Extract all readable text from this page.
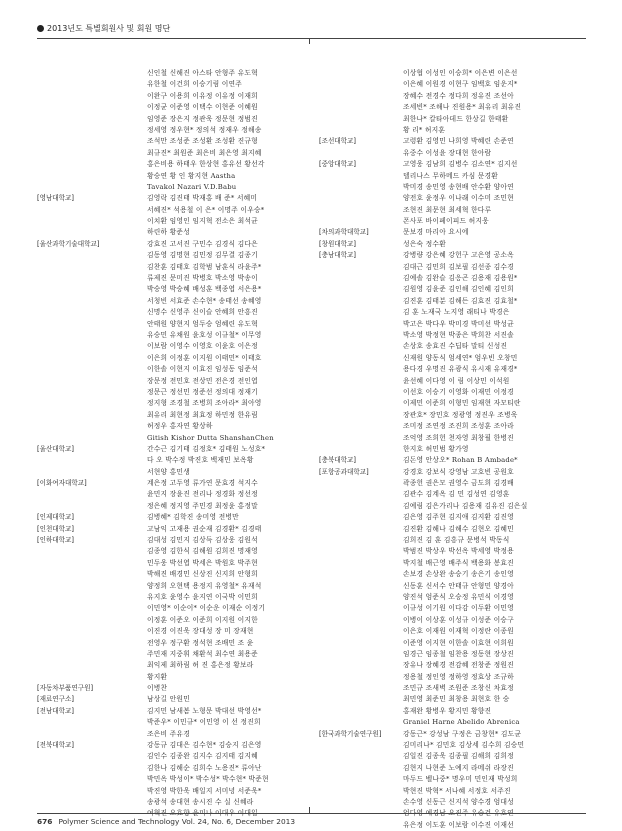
2013년도 특별회원사 및 회원 명단
신인철 신해진 아스타 안형주 유도혁
유한철 이건희 이승기림 이연주
이완구 이용희 이유정 이유정 이재희
이정균 이준영 이택수 이현준 이혜원
임영준 장은지 정관욱 정문현 정범진
정세영 정우현* 정의석 정재우 정해송
조석만 조성준 조성환 조성환 진규형
최규진* 최원준 최은비 최은영 최지혜
홍은비용 하태우 한상현 홍유선 황선각
황승연 황 인 황지현 Aastha
Tavakol Nazari V.D.Babu
[영남대학교]	김영락 김진태 박재홍 배 준* 서혜미
서혜진* 석용철 이 은* 이명주 이우승*
이치환 임영인 임지혁 전소은 최석균
하린하 황준성
[울산과학기술대학교]	강효진 고서진 구민수 김경식 김다은
김동영 김명현 김민정 김무결 김종기
김찬훈 김태호 김학범 남훈식 라윤주*
류제진 문미진 박병호 박소영 박송이
박승영 박승혜 배성훈 백종엽 서은용*
서청빈 서효준 손수현* 송태선 송혜영
신명수 신영주 신이슬 안혜희 안흥진
안태원 양현지 엄두승 엄혜린 유도혁
유승민 유채원 윤호성 이규철* 이무영
이보람 이영수 이영호 이윤호 이은정
이은희 이정훈 이지원 이태민* 이태호
이한솔 이현지 이효진 임성동 임준석
장문정 전민호 전상민 전은경 전인엽
정문근 정선민 정준선 정의대 정재기
정지형 조경철 조병희 조아라* 최아영
최유리 최현정 최효정 하민정 한유림
허정우 홍자연 황상하
Gitish Kishor Dutta ShanshanChen
[울산대학교]	간수근 김기태 김정호* 김태원 노성호*
다 오 박수정 박진호 백재민 보옥황
서현양 홍민생
[이화여자대학교]	계은정 고두영 류가연 문효경 석지수
윤민지 장윤진 전리나 정경화 정선정
정은혜 정지영 주민경 최정윤 홍정말
[인제대학교]	김병혜* 김학진 송미영 전병만
[인천대학교]	고남익 고재용 권순재 김경환* 김경태
[인하대학교]	김대성 김민지 김상득 김상웅 김원석
김종영 김한식 김해원 김희진 명재영
민두웅 박선엽 박세은 박원호 박주현
박해진 배경민 신상진 신지희 안형희
양정희 오현택 용정지 유영철* 유재석
유지호 윤영수 윤지연 이국박 이민희
이민영* 이순이* 이순운 이재순 이정기
이정훈 이준오 이준희 이지원 이지한
이진경 이진욱 장대성 장 미 장재현
전영우 정구환 정석현 조배민 조 윤
주민재 지중휘 채환석 최수연 최용준
최익제 최하림 허 진 홍은정 황보라
황지환
[자동차부품연구원]	이병찬
[재료연구소]	남상길 안원민
[전남대학교]	김지민 남새봄 노형문 박대선 박영선*
박준우* 이민규* 이민영 이 선 정진희
조은비 주유경
[전북대학교]	강동규 김대은 김수현* 김승지 김은영
김인수 김종완 김지수 김지태 김지혜
김한나 김해순 김희수 노용진* 류아난
박민옥 박성이* 박수성* 박수현* 박준현
박진영 박한욱 배일지 서미녕 서준욱*
송광석 송대현 송시진 수 실 신혜라
여혁진 오효향 윤미나 이대우 이대일
이상협 이성인 이승희* 이은변 이은선
이은혜 이원경 이현구 임백호 임운지*
장혜수 전경수 정다희 정유진 조선아
조세빈* 조해나 진원용* 최유리 최유진
최한나* 칼타아데드 한상길 한태환
황 리* 허지훈
[조선대학교]	고령환 김영민 나희영 박혜린 손준연
유중수 이성윤 장대현 한아람
[중앙대학교]	고영웅 김남희 김병수 김소연* 김지선
델리나스 무하메드 카심 문경환
박미경 송민영 송현배 안수환 양아연
양전호 윤정우 이나래 이수미 조민현
조현진 최문현 최세혁 한다루
폰사포 바이페이피드 허지웅
[차의과학대학교]	문보경 마리아 요시에
[창원대학교]	성은숙 정수환
[충남대학교]	강병량 강은혜 강헌구 고은영 공소옥
김대근 김민희 김보필 김선종 김수경
김예솔 김완슬 김응곤 김용재 김용원*
김원영 김윤준 김인해 김인혜 김인희
김진훈 김태분 김해든 김효진 김효철*
김 훈 노재국 노지영 래티나 박경은
박고은 박다우 박미경 박미선 박성균
박소영 박정현 박종은 박희찬 서진솔
손상호 송효진 수딥타 말티 신성진
신재원 양동식 엄세연* 엄우빈 오창민
용다경 우명진 유광식 유시재 유재경*
윤선혜 이다영 이 림 이상민 이석원
이선호 이승기 이영화 이재민 이정경
이제민 이준희 이형민 임재현 자모티란
장관호* 장민호 정광영 정진우 조병욱
조미정 조연정 조진희 조성훈 조아라
조억영 조희헌 천자영 최창필 한병진
한지호 허민범 황가영
[충북대학교]	김돈영 안상오* Rohan B Ambade*
[포항공과대학교]	강경호 강보식 강영남 고호빈 공원호
곽종헌 권은모 권영수 금도희 김경배
김관수 김계옥 김 민 김성연 김영훈
김예림 김은가리나 김용재 김유진 김은실
김은영 김주현 김지애 김지환 김진영
김진환 김해나 김해수 김현오 김혜민
김희진 김 훈 김흥규 문병석 박동식
박범진 박상우 박선옥 박세영 박정용
박지철 배근영 배주식 백용화 봉효진
손보경 손상완 송승기 송은기 송인영
신동훈 신서수 안태규 안형민 양경아
양진석 엄준식 오승정 유민식 이경영
이규성 이기원 이다감 이두환 이민영
이병이 이상훈 이성규 이성준 이승구
이은호 이재원 이재혁 이정란 이종원
이준영 이지현 이한솔 이효현 이희원
임경근 임종철 임찬용 정동현 장상진
장유나 장혜경 전감혜 전창준 정원진
정용철 정인영 정하영 정효상 조규하
조민규 조새벽 조원준 조창신 차효정
최민영 최준민 최창용 최현호 한 승
홍재완 황병우 황지민 황향진
Graniel Harne Abelido Abrenica
[한국과학기술연구원]	강동근* 강성남 구정은 금창현* 김도균
김미리나* 김민호 김상세 김수희 김승민
김일진 김종욱 김종필 김해희 김희정
김현지 나현준 노예지 라메쉬 라장진
마두드 벨나중* 명우미 민인재 박성희
박현진 박혁* 서나혜 서정호 서주진
손수영 신동근 신지석 양수경 엄대성
엄다영 예경남 오진주 유승건 유호연
유은정 이도훈 이보람 이수진 이재선
676 Polymer Science and Technology Vol. 24, No. 6, December 2013
